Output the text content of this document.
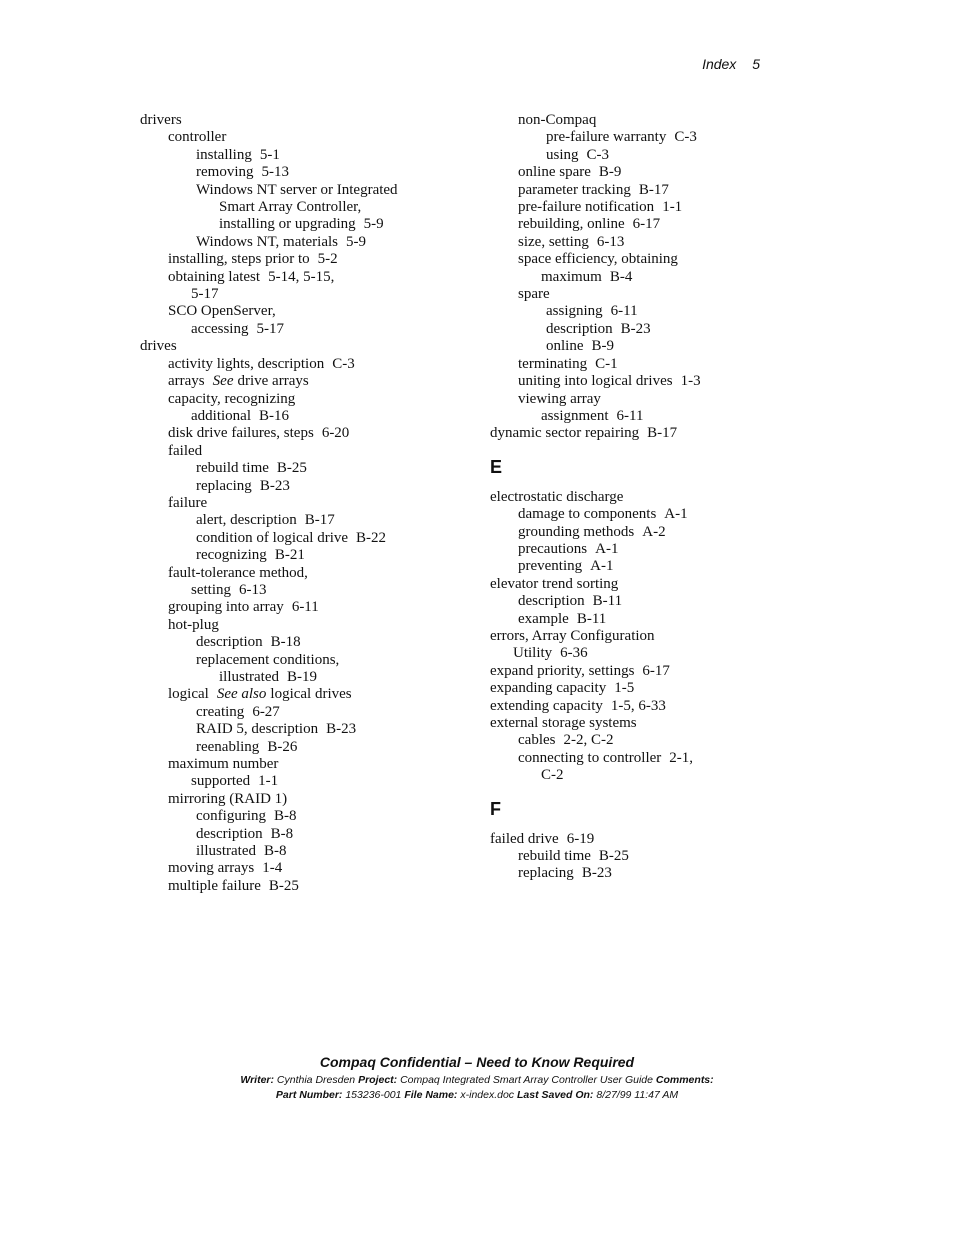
Index 5
drivers
controller
installing 5-1
removing 5-13
Windows NT server or Integrated
Smart Array Controller,
installing or upgrading 5-9
Windows NT, materials 5-9
installing, steps prior to 5-2
obtaining latest 5-14, 5-15,
5-17
SCO OpenServer,
accessing 5-17
drives
activity lights, description C-3
arrays See drive arrays
capacity, recognizing
additional B-16
disk drive failures, steps 6-20
failed
rebuild time B-25
replacing B-23
failure
alert, description B-17
condition of logical drive B-22
recognizing B-21
fault-tolerance method,
setting 6-13
grouping into array 6-11
hot-plug
description B-18
replacement conditions,
illustrated B-19
logical See also logical drives
creating 6-27
RAID 5, description B-23
reenabling B-26
maximum number
supported 1-1
mirroring (RAID 1)
configuring B-8
description B-8
illustrated B-8
moving arrays 1-4
multiple failure B-25
non-Compaq
pre-failure warranty C-3
using C-3
online spare B-9
parameter tracking B-17
pre-failure notification 1-1
rebuilding, online 6-17
size, setting 6-13
space efficiency, obtaining
maximum B-4
spare
assigning 6-11
description B-23
online B-9
terminating C-1
uniting into logical drives 1-3
viewing array
assignment 6-11
dynamic sector repairing B-17
E
electrostatic discharge
damage to components A-1
grounding methods A-2
precautions A-1
preventing A-1
elevator trend sorting
description B-11
example B-11
errors, Array Configuration
Utility 6-36
expand priority, settings 6-17
expanding capacity 1-5
extending capacity 1-5, 6-33
external storage systems
cables 2-2, C-2
connecting to controller 2-1,
C-2
F
failed drive 6-19
rebuild time B-25
replacing B-23
Compaq Confidential – Need to Know Required
Writer: Cynthia Dresden Project: Compaq Integrated Smart Array Controller User Guide Comments:
Part Number: 153236-001 File Name: x-index.doc Last Saved On: 8/27/99 11:47 AM
